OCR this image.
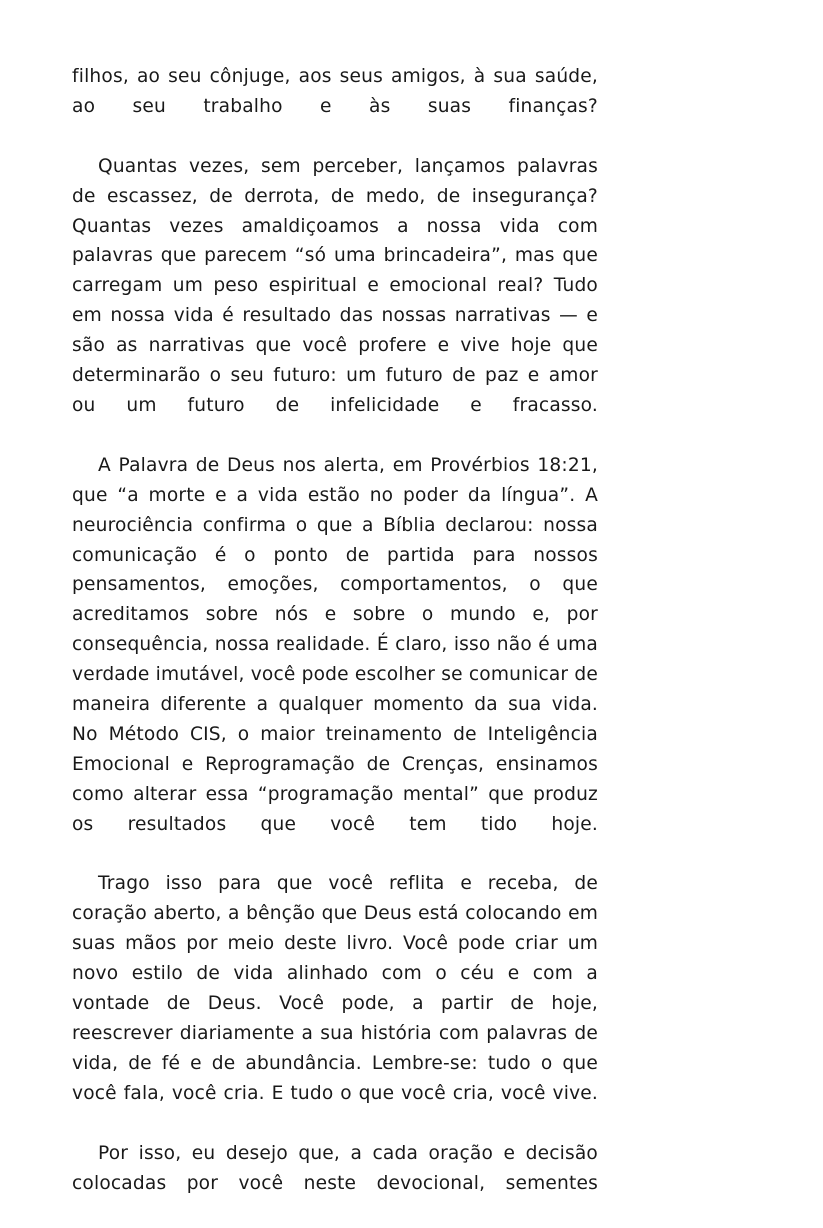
filhos, ao seu cônjuge, aos seus amigos, à sua saúde, ao seu trabalho e às suas finanças?

Quantas vezes, sem perceber, lançamos palavras de escassez, de derrota, de medo, de insegurança? Quantas vezes amaldiçoamos a nossa vida com palavras que parecem “só uma brincadeira”, mas que carregam um peso espiritual e emocional real? Tudo em nossa vida é resultado das nossas narrativas — e são as narrativas que você profere e vive hoje que determinarão o seu futuro: um futuro de paz e amor ou um futuro de infelicidade e fracasso.

A Palavra de Deus nos alerta, em Provérbios 18:21, que “a morte e a vida estão no poder da língua”. A neurociência confirma o que a Bíblia declarou: nossa comunicação é o ponto de partida para nossos pensamentos, emoções, comportamentos, o que acreditamos sobre nós e sobre o mundo e, por consequência, nossa realidade. É claro, isso não é uma verdade imutável, você pode escolher se comunicar de maneira diferente a qualquer momento da sua vida. No Método CIS, o maior treinamento de Inteligência Emocional e Reprogramação de Crenças, ensinamos como alterar essa “programação mental” que produz os resultados que você tem tido hoje.

Trago isso para que você reflita e receba, de coração aberto, a bênção que Deus está colocando em suas mãos por meio deste livro. Você pode criar um novo estilo de vida alinhado com o céu e com a vontade de Deus. Você pode, a partir de hoje, reescrever diariamente a sua história com palavras de vida, de fé e de abundância. Lembre-se: tudo o que você fala, você cria. E tudo o que você cria, você vive.

Por isso, eu desejo que, a cada oração e decisão colocadas por você neste devocional, sementes
